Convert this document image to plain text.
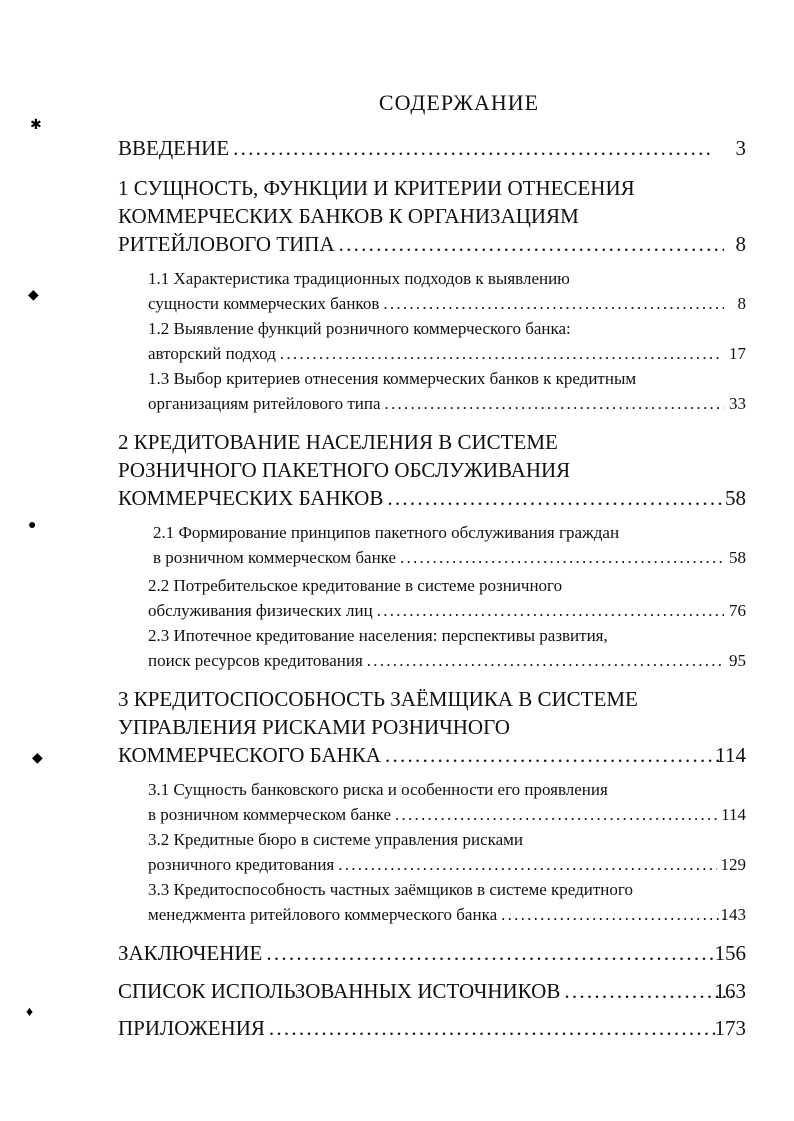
✱
◆
●
◆
♦
СОДЕРЖАНИЕ
ВВЕДЕНИЕ . . .	3
1 СУЩНОСТЬ, ФУНКЦИИ И КРИТЕРИИ ОТНЕСЕНИЯ
КОММЕРЧЕСКИХ БАНКОВ К ОРГАНИЗАЦИЯМ
РИТЕЙЛОВОГО ТИПА . . .	8
1.1 Характеристика традиционных подходов к выявлению
сущности коммерческих банков . . .	8
1.2 Выявление функций розничного коммерческого банка:
авторский подход . . .	17
1.3 Выбор критериев отнесения коммерческих банков к кредитным
организациям ритейлового типа . . .	33
2 КРЕДИТОВАНИЕ НАСЕЛЕНИЯ В СИСТЕМЕ
РОЗНИЧНОГО ПАКЕТНОГО ОБСЛУЖИВАНИЯ
КОММЕРЧЕСКИХ БАНКОВ . . .	58
2.1 Формирование принципов пакетного обслуживания граждан
в розничном коммерческом банке . . .	58
2.2 Потребительское кредитование в системе розничного
обслуживания физических лиц . . .	76
2.3 Ипотечное кредитование населения: перспективы развития,
поиск ресурсов кредитования . . .	95
3 КРЕДИТОСПОСОБНОСТЬ ЗАЁМЩИКА В СИСТЕМЕ
УПРАВЛЕНИЯ РИСКАМИ РОЗНИЧНОГО
КОММЕРЧЕСКОГО БАНКА . . .	114
3.1 Сущность банковского риска и особенности его проявления
в розничном коммерческом банке . . .	114
3.2 Кредитные бюро в системе управления рисками
розничного кредитования . . .	129
3.3 Кредитоспособность частных заёмщиков в системе кредитного
менеджмента ритейлового коммерческого банка . . .	143
ЗАКЛЮЧЕНИЕ . . .	156
СПИСОК ИСПОЛЬЗОВАННЫХ ИСТОЧНИКОВ . . .	163
ПРИЛОЖЕНИЯ . . .	173
